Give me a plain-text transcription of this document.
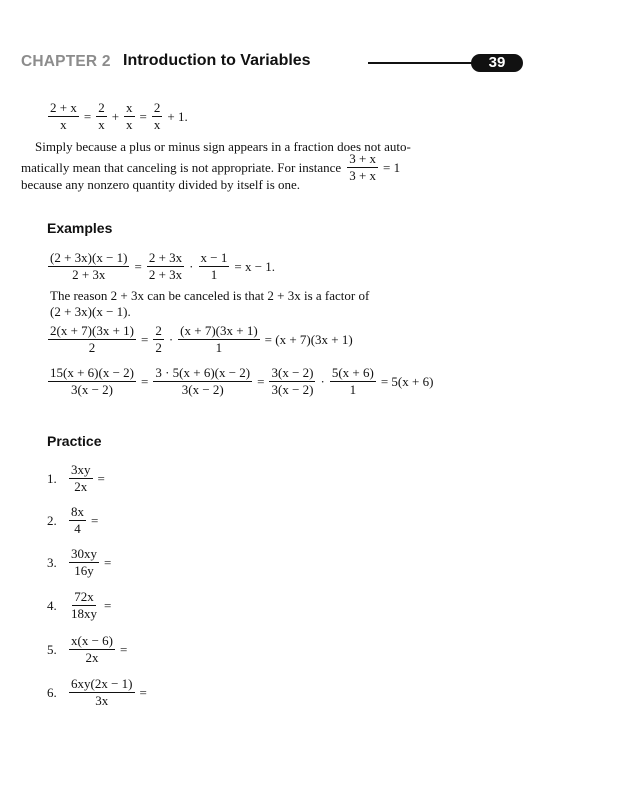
CHAPTER 2 Introduction to Variables	39
$\frac{2 + x}{x} = \frac{2}{x} + \frac{x}{x} = \frac{2}{x} + 1$.
Simply because a plus or minus sign appears in a fraction does not auto-
matically mean that canceling is not appropriate. For instance $\frac{3 + x}{3 + x} = 1$
because any nonzero quantity divided by itself is one.
Examples
$\frac{(2 + 3x)(x - 1)}{2 + 3x} = \frac{2 + 3x}{2 + 3x} \cdot \frac{x - 1}{1} = x - 1$.
The reason 2 + 3x can be canceled is that 2 + 3x is a factor of
(2 + 3x)(x − 1).
$\frac{2(x + 7)(3x + 1)}{2} = \frac{2}{2} \cdot \frac{(x + 7)(3x + 1)}{1} = (x + 7)(3x + 1)$
$\frac{15(x + 6)(x - 2)}{3(x - 2)} = \frac{3 \cdot 5(x + 6)(x - 2)}{3(x - 2)} = \frac{3(x - 2)}{3(x - 2)} \cdot \frac{5(x + 6)}{1} = 5(x + 6)$
Practice
1. $\frac{3xy}{2x}$ =
2. $\frac{8x}{4}$ =
3. $\frac{30xy}{16y}$ =
4. $\frac{72x}{18xy}$ =
5. $\frac{x(x - 6)}{2x}$ =
6. $\frac{6xy(2x - 1)}{3x}$ =
